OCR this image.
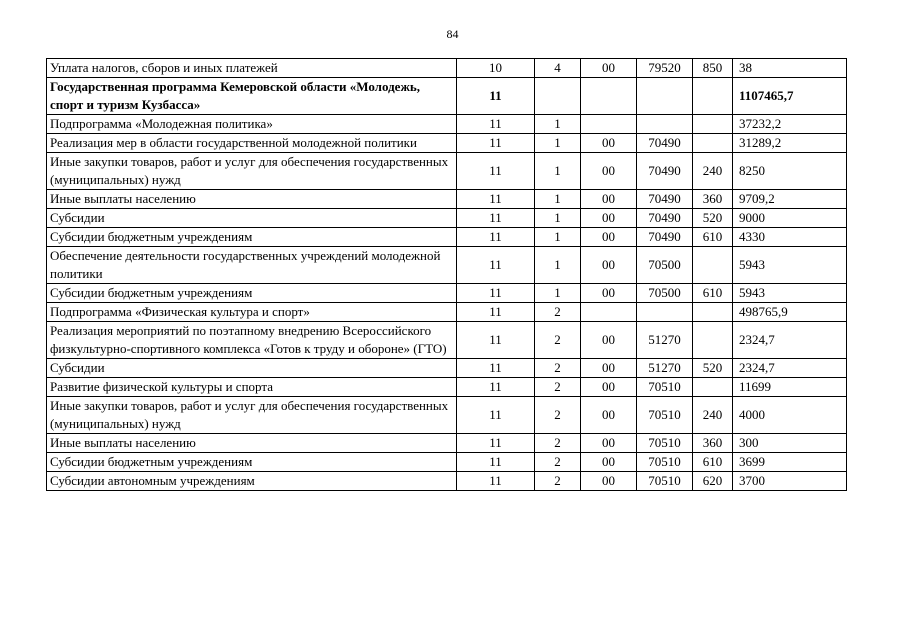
84
Уплата налогов, сборов и иных платежей	10	4	00	79520	850	38
Государственная программа Кемеровской области «Молодежь, спорт и туризм Кузбасса»	11					1107465,7
Подпрограмма «Молодежная политика»	11	1				37232,2
Реализация мер в области государственной молодежной политики	11	1	00	70490		31289,2
Иные закупки товаров, работ и услуг для обеспечения государственных (муниципальных) нужд	11	1	00	70490	240	8250
Иные выплаты населению	11	1	00	70490	360	9709,2
Субсидии	11	1	00	70490	520	9000
Субсидии бюджетным учреждениям	11	1	00	70490	610	4330
Обеспечение деятельности государственных учреждений молодежной политики	11	1	00	70500		5943
Субсидии бюджетным учреждениям	11	1	00	70500	610	5943
Подпрограмма «Физическая культура и спорт»	11	2				498765,9
Реализация мероприятий по поэтапному внедрению Всероссийского физкультурно-спортивного комплекса «Готов к труду и обороне» (ГТО)	11	2	00	51270		2324,7
Субсидии	11	2	00	51270	520	2324,7
Развитие физической культуры и спорта	11	2	00	70510		11699
Иные закупки товаров, работ и услуг для обеспечения государственных (муниципальных) нужд	11	2	00	70510	240	4000
Иные выплаты населению	11	2	00	70510	360	300
Субсидии бюджетным учреждениям	11	2	00	70510	610	3699
Субсидии автономным учреждениям	11	2	00	70510	620	3700
